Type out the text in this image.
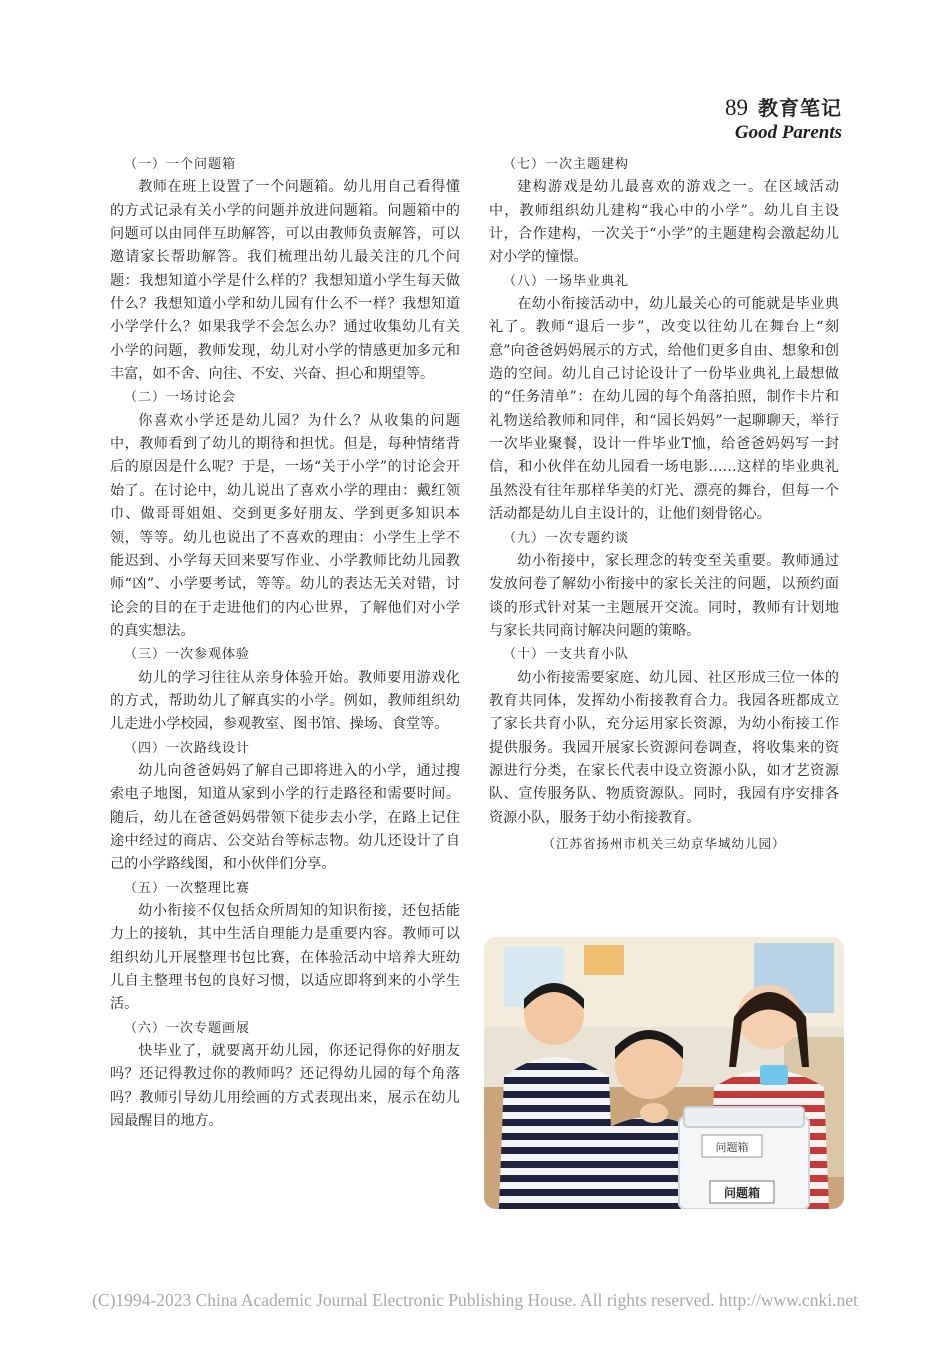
89 教育笔记
Good Parents
（一）一个问题箱

教师在班上设置了一个问题箱。幼儿用自己看得懂的方式记录有关小学的问题并放进问题箱。问题箱中的问题可以由同伴互助解答，可以由教师负责解答，可以邀请家长帮助解答。我们梳理出幼儿最关注的几个问题：我想知道小学是什么样的？我想知道小学生每天做什么？我想知道小学和幼儿园有什么不一样？我想知道小学学什么？如果我学不会怎么办？通过收集幼儿有关小学的问题，教师发现，幼儿对小学的情感更加多元和丰富，如不舍、向往、不安、兴奋、担心和期望等。

（二）一场讨论会

你喜欢小学还是幼儿园？为什么？从收集的问题中，教师看到了幼儿的期待和担忧。但是，每种情绪背后的原因是什么呢？于是，一场“关于小学”的讨论会开始了。在讨论中，幼儿说出了喜欢小学的理由：戴红领巾、做哥哥姐姐、交到更多好朋友、学到更多知识本领，等等。幼儿也说出了不喜欢的理由：小学生上学不能迟到、小学每天回来要写作业、小学教师比幼儿园教师“凶”、小学要考试，等等。幼儿的表达无关对错，讨论会的目的在于走进他们的内心世界，了解他们对小学的真实想法。

（三）一次参观体验

幼儿的学习往往从亲身体验开始。教师要用游戏化的方式，帮助幼儿了解真实的小学。例如，教师组织幼儿走进小学校园，参观教室、图书馆、操场、食堂等。

（四）一次路线设计

幼儿向爸爸妈妈了解自己即将进入的小学，通过搜索电子地图，知道从家到小学的行走路径和需要时间。随后，幼儿在爸爸妈妈带领下徒步去小学，在路上记住途中经过的商店、公交站台等标志物。幼儿还设计了自己的小学路线图，和小伙伴们分享。

（五）一次整理比赛

幼小衔接不仅包括众所周知的知识衔接，还包括能力上的接轨，其中生活自理能力是重要内容。教师可以组织幼儿开展整理书包比赛，在体验活动中培养大班幼儿自主整理书包的良好习惯，以适应即将到来的小学生活。

（六）一次专题画展

快毕业了，就要离开幼儿园，你还记得你的好朋友吗？还记得教过你的教师吗？还记得幼儿园的每个角落吗？教师引导幼儿用绘画的方式表现出来，展示在幼儿园最醒目的地方。

（七）一次主题建构

建构游戏是幼儿最喜欢的游戏之一。在区域活动中，教师组织幼儿建构“我心中的小学”。幼儿自主设计，合作建构，一次关于“小学”的主题建构会激起幼儿对小学的憧憬。

（八）一场毕业典礼

在幼小衔接活动中，幼儿最关心的可能就是毕业典礼了。教师“退后一步”，改变以往幼儿在舞台上“刻意”向爸爸妈妈展示的方式，给他们更多自由、想象和创造的空间。幼儿自己讨论设计了一份毕业典礼上最想做的“任务清单”：在幼儿园的每个角落拍照，制作卡片和礼物送给教师和同伴，和“园长妈妈”一起聊聊天，举行一次毕业聚餐，设计一件毕业T恤，给爸爸妈妈写一封信，和小伙伴在幼儿园看一场电影……这样的毕业典礼虽然没有往年那样华美的灯光、漂亮的舞台，但每一个活动都是幼儿自主设计的，让他们刻骨铭心。

（九）一次专题约谈

幼小衔接中，家长理念的转变至关重要。教师通过发放问卷了解幼小衔接中的家长关注的问题，以预约面谈的形式针对某一主题展开交流。同时，教师有计划地与家长共同商讨解决问题的策略。

（十）一支共育小队

幼小衔接需要家庭、幼儿园、社区形成三位一体的教育共同体，发挥幼小衔接教育合力。我园各班都成立了家长共育小队，充分运用家长资源，为幼小衔接工作提供服务。我园开展家长资源问卷调查，将收集来的资源进行分类，在家长代表中设立资源小队，如才艺资源队、宣传服务队、物质资源队。同时，我园有序安排各资源小队，服务于幼小衔接教育。

（江苏省扬州市机关三幼京华城幼儿园）
问题箱
问题箱
(C)1994-2023 China Academic Journal Electronic Publishing House. All rights reserved. http://www.cnki.net
